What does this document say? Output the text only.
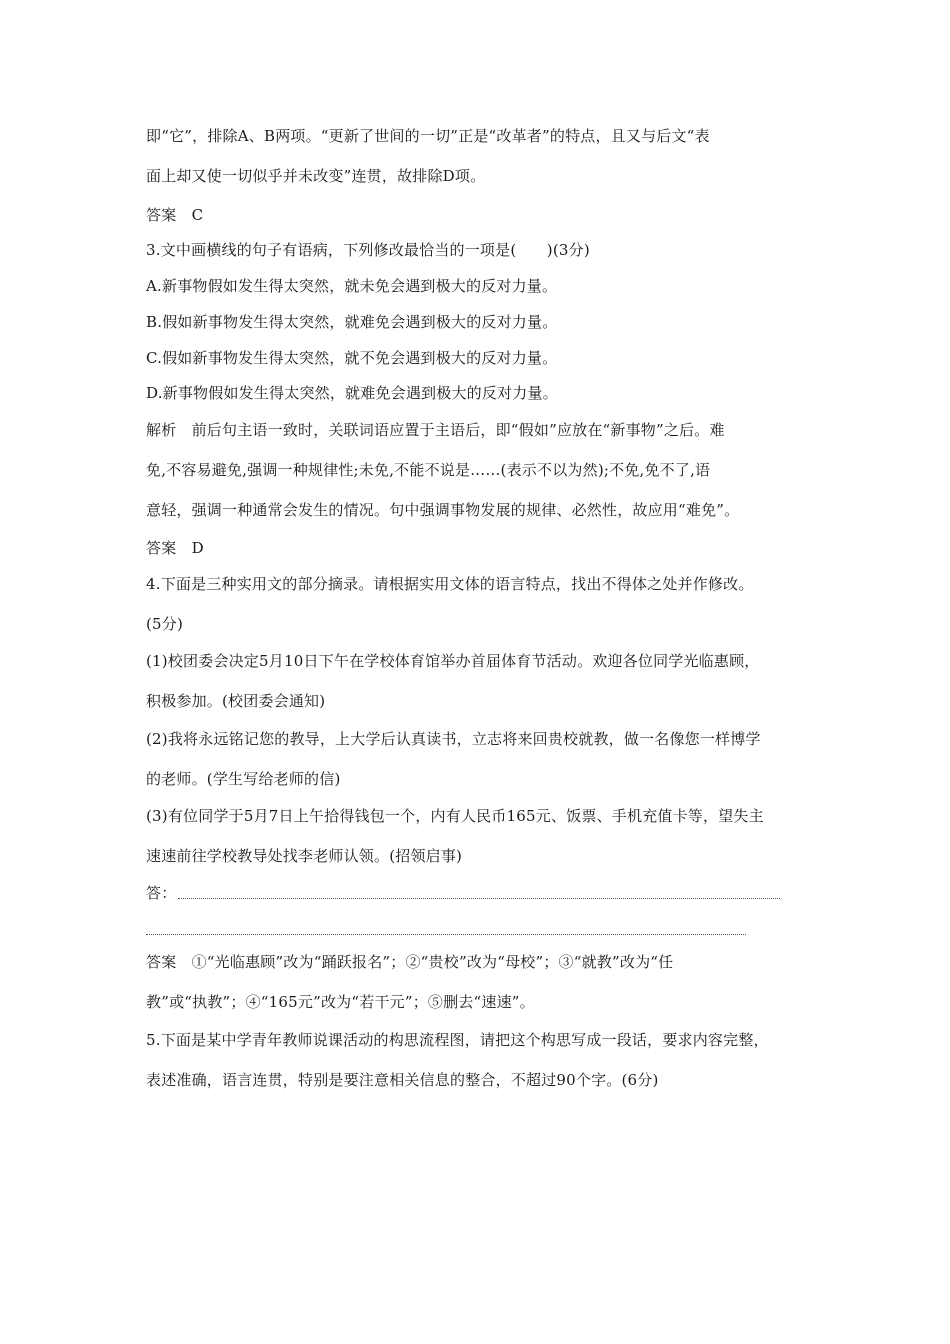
即“它”，排除A、B两项。“更新了世间的一切”正是“改革者”的特点，且又与后文“表
面上却又使一切似乎并未改变”连贯，故排除D项。
答案　C
3.文中画横线的句子有语病，下列修改最恰当的一项是(　　)(3分)
A.新事物假如发生得太突然，就未免会遇到极大的反对力量。
B.假如新事物发生得太突然，就难免会遇到极大的反对力量。
C.假如新事物发生得太突然，就不免会遇到极大的反对力量。
D.新事物假如发生得太突然，就难免会遇到极大的反对力量。
解析　前后句主语一致时，关联词语应置于主语后，即“假如”应放在“新事物”之后。难
免,不容易避免,强调一种规律性;未免,不能不说是……(表示不以为然);不免,免不了,语
意轻，强调一种通常会发生的情况。句中强调事物发展的规律、必然性，故应用“难免”。
答案　D
4.下面是三种实用文的部分摘录。请根据实用文体的语言特点，找出不得体之处并作修改。
(5分)
(1)校团委会决定5月10日下午在学校体育馆举办首届体育节活动。欢迎各位同学光临惠顾，
积极参加。(校团委会通知)
(2)我将永远铭记您的教导，上大学后认真读书，立志将来回贵校就教，做一名像您一样博学
的老师。(学生写给老师的信)
(3)有位同学于5月7日上午拾得钱包一个，内有人民币165元、饭票、手机充值卡等，望失主
速速前往学校教导处找李老师认领。(招领启事)
答：
答案　①“光临惠顾”改为“踊跃报名”；②“贵校”改为“母校”；③“就教”改为“任
教”或“执教”；④“165元”改为“若干元”；⑤删去“速速”。
5.下面是某中学青年教师说课活动的构思流程图，请把这个构思写成一段话，要求内容完整，
表述准确，语言连贯，特别是要注意相关信息的整合，不超过90个字。(6分)
